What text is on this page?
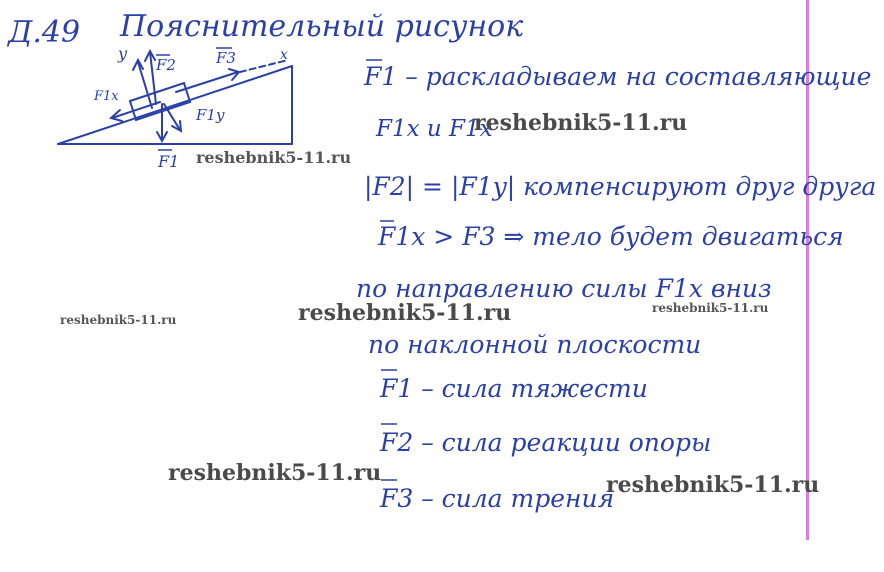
Д.49 Пояснительный рисунок
y	x
F2	F3
F1x
F1y
F1
F1 – раскладываем на составляющие
F1x и F1x
|F2| = |F1y| компенсируют друг друга
F1x > F3 ⇒ тело будет двигаться
по направлению силы F1x вниз
по наклонной плоскости
F1 – сила тяжести
F2 – сила реакции опоры
F3 – сила трения
reshebnik5-11.ru
reshebnik5-11.ru
reshebnik5-11.ru
reshebnik5-11.ru
reshebnik5-11.ru
reshebnik5-11.ru	reshebnik5-11.ru
